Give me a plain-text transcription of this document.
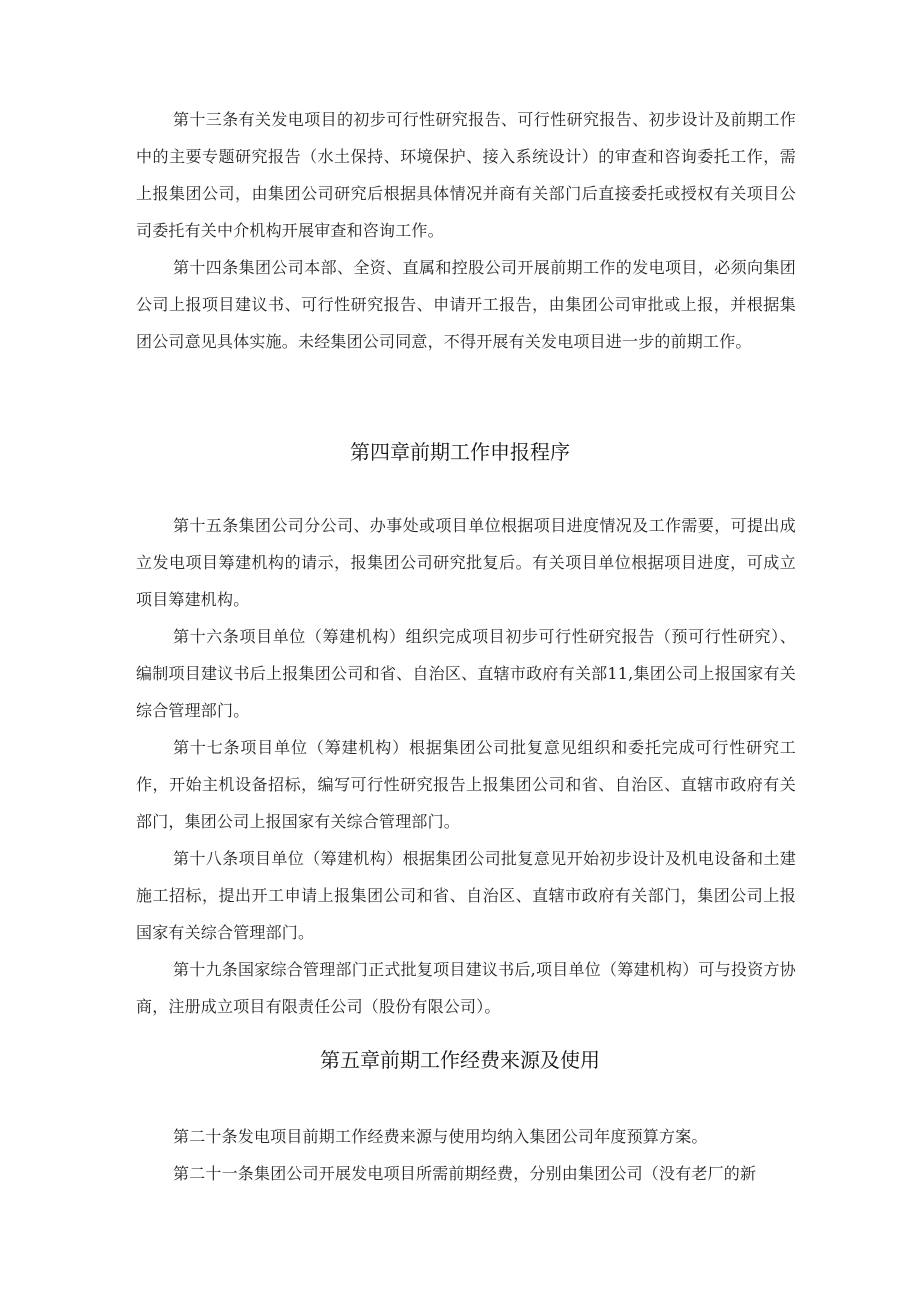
第十三条有关发电项目的初步可行性研究报告、可行性研究报告、初步设计及前期工作中的主要专题研究报告（水土保持、环境保护、接入系统设计）的审查和咨询委托工作，需上报集团公司，由集团公司研究后根据具体情况并商有关部门后直接委托或授权有关项目公司委托有关中介机构开展审查和咨询工作。

第十四条集团公司本部、全资、直属和控股公司开展前期工作的发电项目，必须向集团公司上报项目建议书、可行性研究报告、申请开工报告，由集团公司审批或上报，并根据集团公司意见具体实施。未经集团公司同意，不得开展有关发电项目进一步的前期工作。

第四章前期工作申报程序

第十五条集团公司分公司、办事处或项目单位根据项目进度情况及工作需要，可提出成立发电项目筹建机构的请示，报集团公司研究批复后。有关项目单位根据项目进度，可成立项目筹建机构。

第十六条项目单位（筹建机构）组织完成项目初步可行性研究报告（预可行性研究）、编制项目建议书后上报集团公司和省、自治区、直辖市政府有关部11,集团公司上报国家有关综合管理部门。

第十七条项目单位（筹建机构）根据集团公司批复意见组织和委托完成可行性研究工作，开始主机设备招标，编写可行性研究报告上报集团公司和省、自治区、直辖市政府有关部门，集团公司上报国家有关综合管理部门。

第十八条项目单位（筹建机构）根据集团公司批复意见开始初步设计及机电设备和土建施工招标，提出开工申请上报集团公司和省、自治区、直辖市政府有关部门，集团公司上报国家有关综合管理部门。

第十九条国家综合管理部门正式批复项目建议书后,项目单位（筹建机构）可与投资方协商，注册成立项目有限责任公司（股份有限公司）。

第五章前期工作经费来源及使用

第二十条发电项目前期工作经费来源与使用均纳入集团公司年度预算方案。

第二十一条集团公司开展发电项目所需前期经费，分别由集团公司（没有老厂的新
